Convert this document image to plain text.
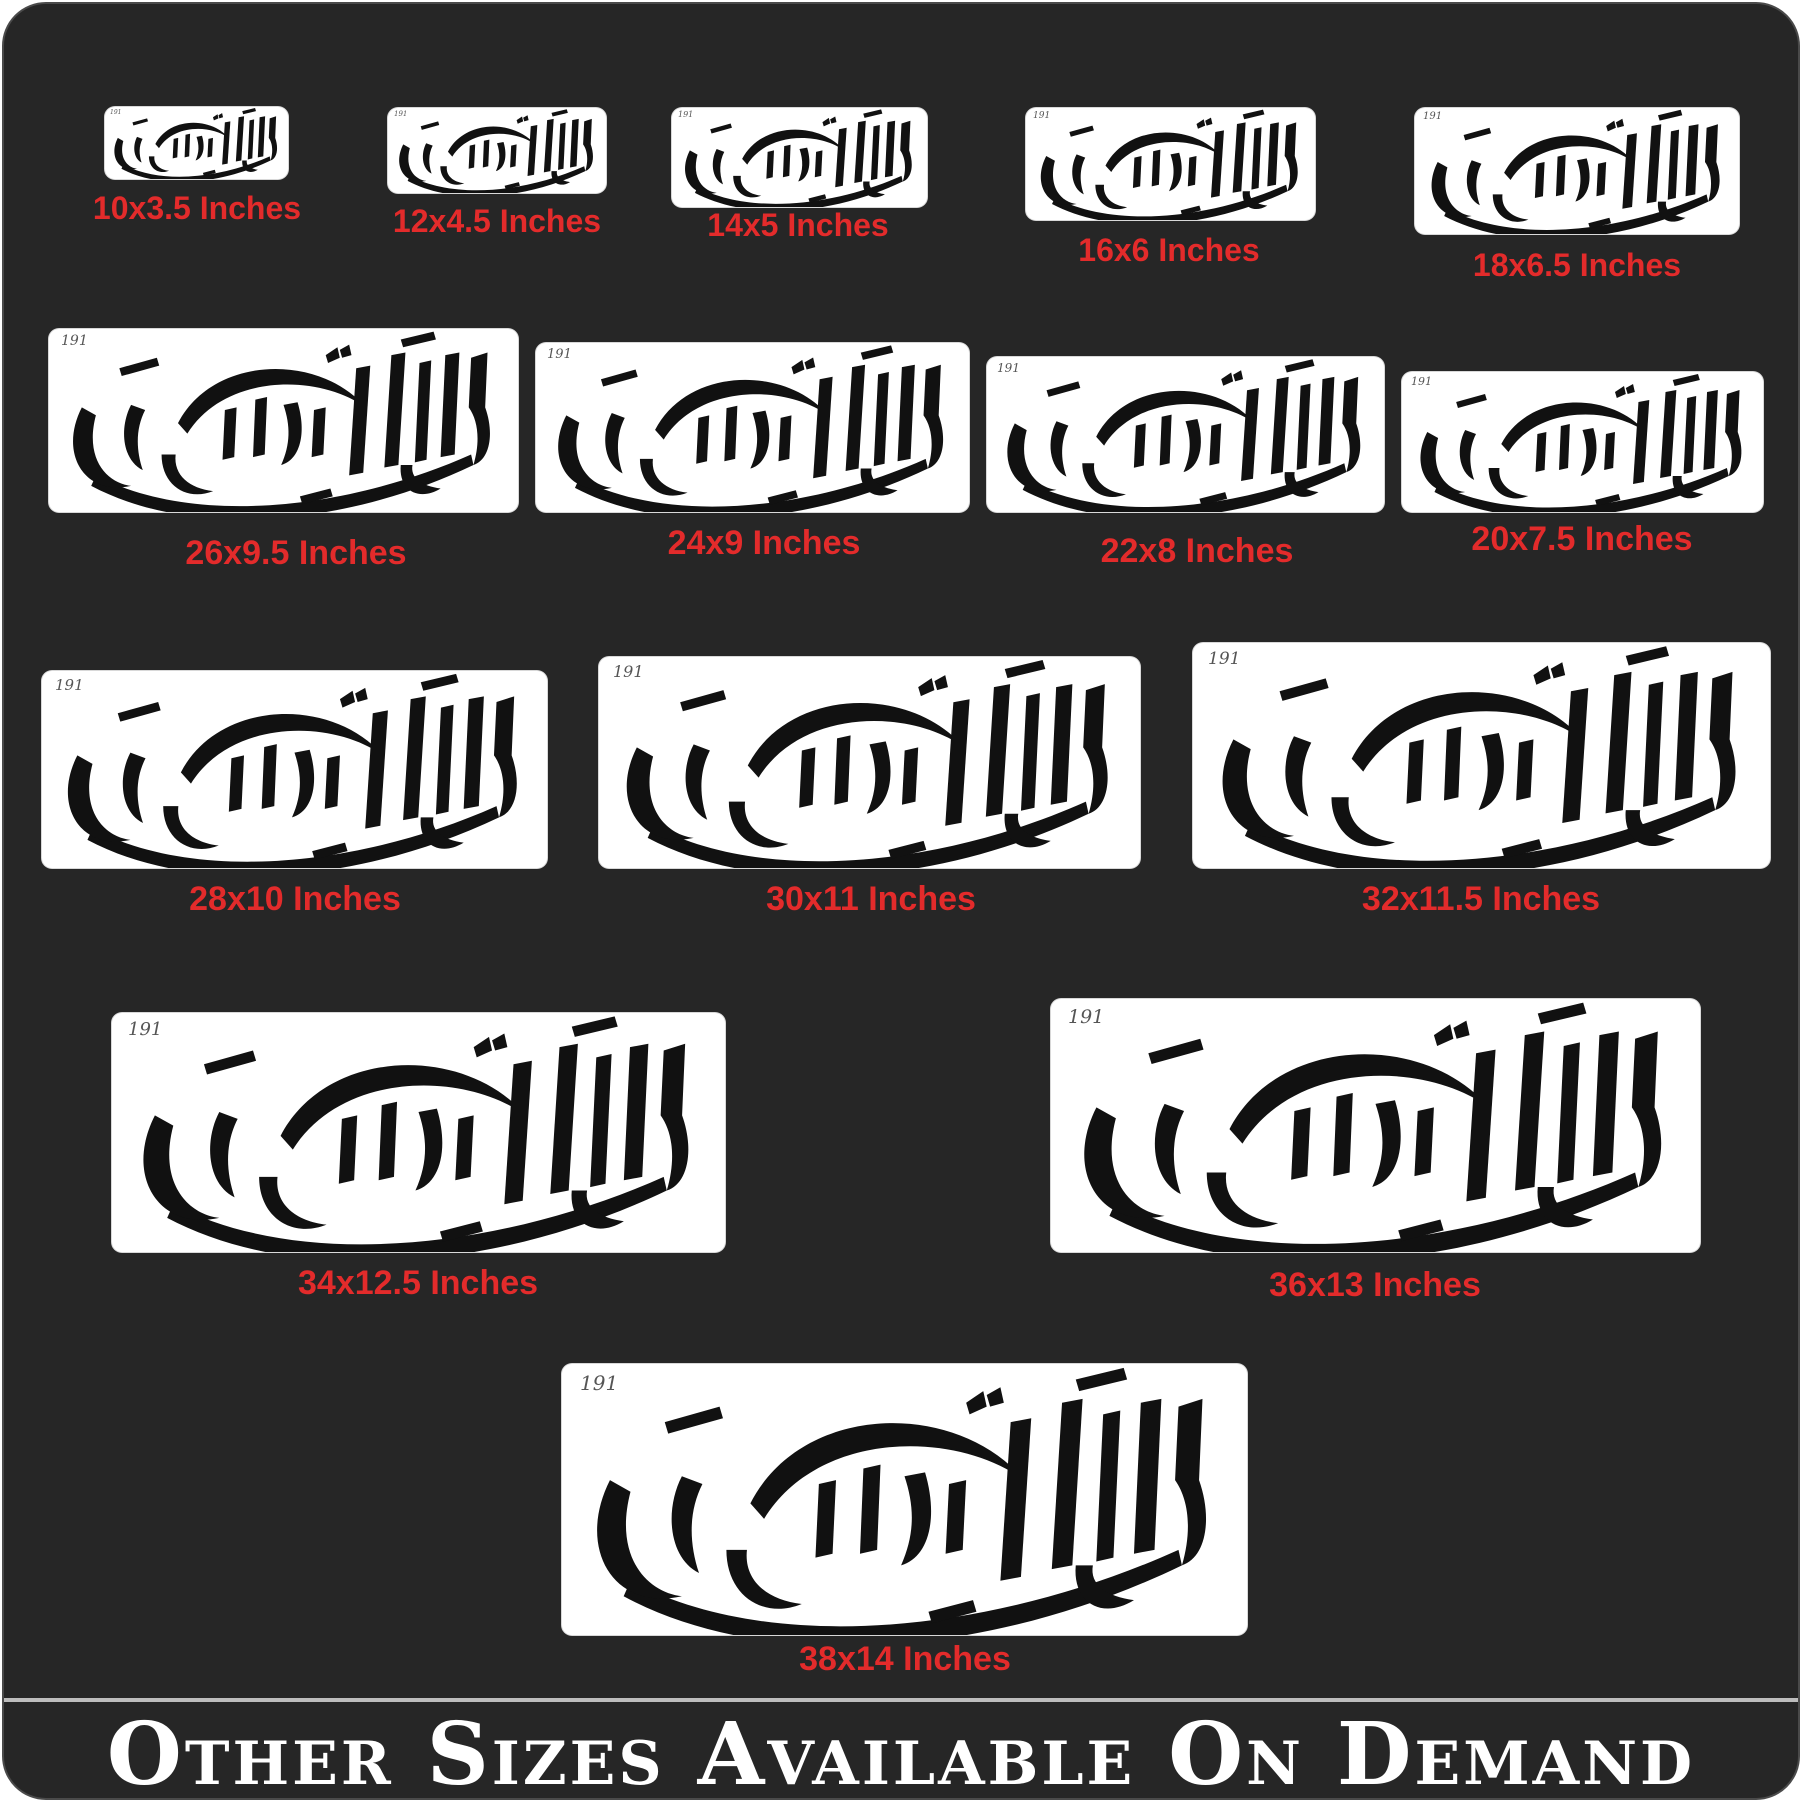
191
10x3.5 Inches
191
12x4.5 Inches
191
14x5 Inches
191
16x6 Inches
191
18x6.5 Inches
191
26x9.5 Inches
191
24x9 Inches
191
22x8 Inches
191
20x7.5 Inches
191
28x10 Inches
191
30x11 Inches
191
32x11.5 Inches
191
34x12.5 Inches
191
36x13 Inches
191
38x14 Inches
Other Sizes Available On Demand
